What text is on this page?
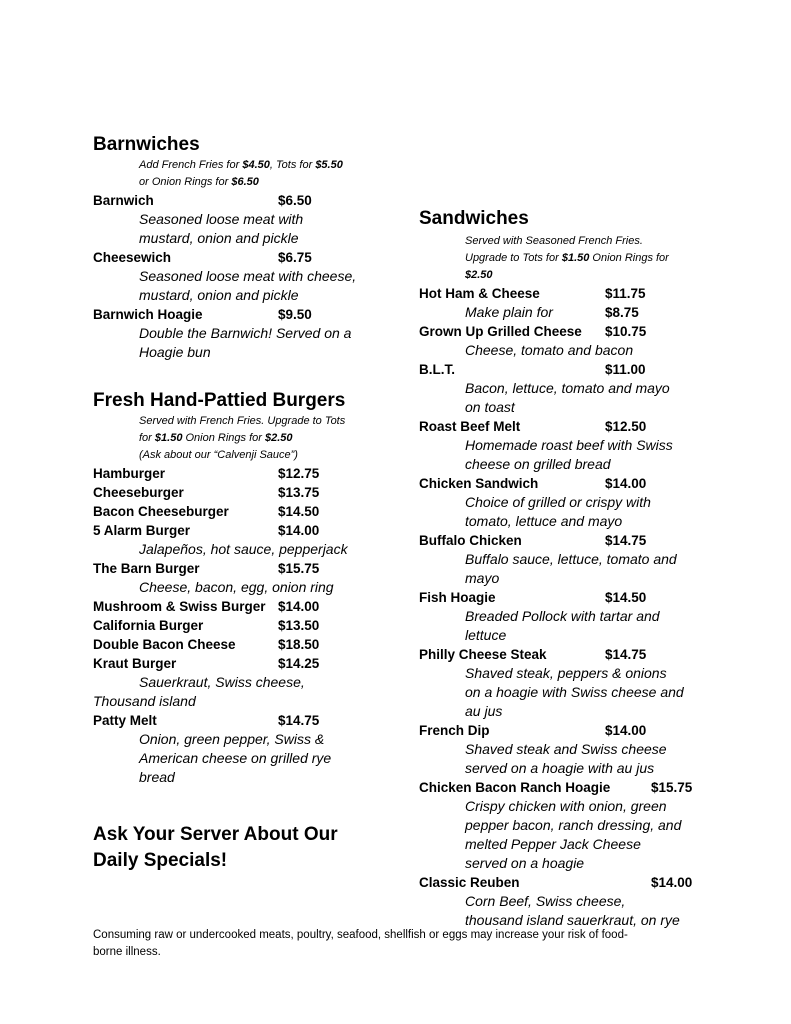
Barnwiches
Add French Fries for $4.50, Tots for $5.50
or Onion Rings for $6.50
Barnwich	$6.50
Seasoned loose meat with
mustard, onion and pickle
Cheesewich	$6.75
Seasoned loose meat with cheese,
mustard, onion and pickle
Barnwich Hoagie	$9.50
Double the Barnwich! Served on a
Hoagie bun
Fresh Hand-Pattied Burgers
Served with French Fries. Upgrade to Tots
for $1.50 Onion Rings for $2.50
(Ask about our “Calvenji Sauce”)
Hamburger	$12.75
Cheeseburger	$13.75
Bacon Cheeseburger	$14.50
5 Alarm Burger	$14.00
Jalapeños, hot sauce, pepperjack
The Barn Burger	$15.75
Cheese, bacon, egg, onion ring
Mushroom & Swiss Burger $14.00
California Burger	$13.50
Double Bacon Cheese	$18.50
Kraut Burger	$14.25
Sauerkraut, Swiss cheese,
Thousand island
Patty Melt	$14.75
Onion, green pepper, Swiss &
American cheese on grilled rye
bread
Ask Your Server About Our
Daily Specials!
Sandwiches
Served with Seasoned French Fries.
Upgrade to Tots for $1.50 Onion Rings for
$2.50
Hot Ham & Cheese	$11.75
Make plain for	$8.75
Grown Up Grilled Cheese $10.75
Cheese, tomato and bacon
B.L.T.	$11.00
Bacon, lettuce, tomato and mayo
on toast
Roast Beef Melt	$12.50
Homemade roast beef with Swiss
cheese on grilled bread
Chicken Sandwich	$14.00
Choice of grilled or crispy with
tomato, lettuce and mayo
Buffalo Chicken	$14.75
Buffalo sauce, lettuce, tomato and
mayo
Fish Hoagie	$14.50
Breaded Pollock with tartar and
lettuce
Philly Cheese Steak	$14.75
Shaved steak, peppers & onions
on a hoagie with Swiss cheese and
au jus
French Dip	$14.00
Shaved steak and Swiss cheese
served on a hoagie with au jus
Chicken Bacon Ranch Hoagie	$15.75
Crispy chicken with onion, green
pepper bacon, ranch dressing, and
melted Pepper Jack Cheese
served on a hoagie
Classic Reuben	$14.00
Corn Beef, Swiss cheese,
thousand island sauerkraut, on rye
Consuming raw or undercooked meats, poultry, seafood, shellfish or eggs may increase your risk of food-
borne illness.
